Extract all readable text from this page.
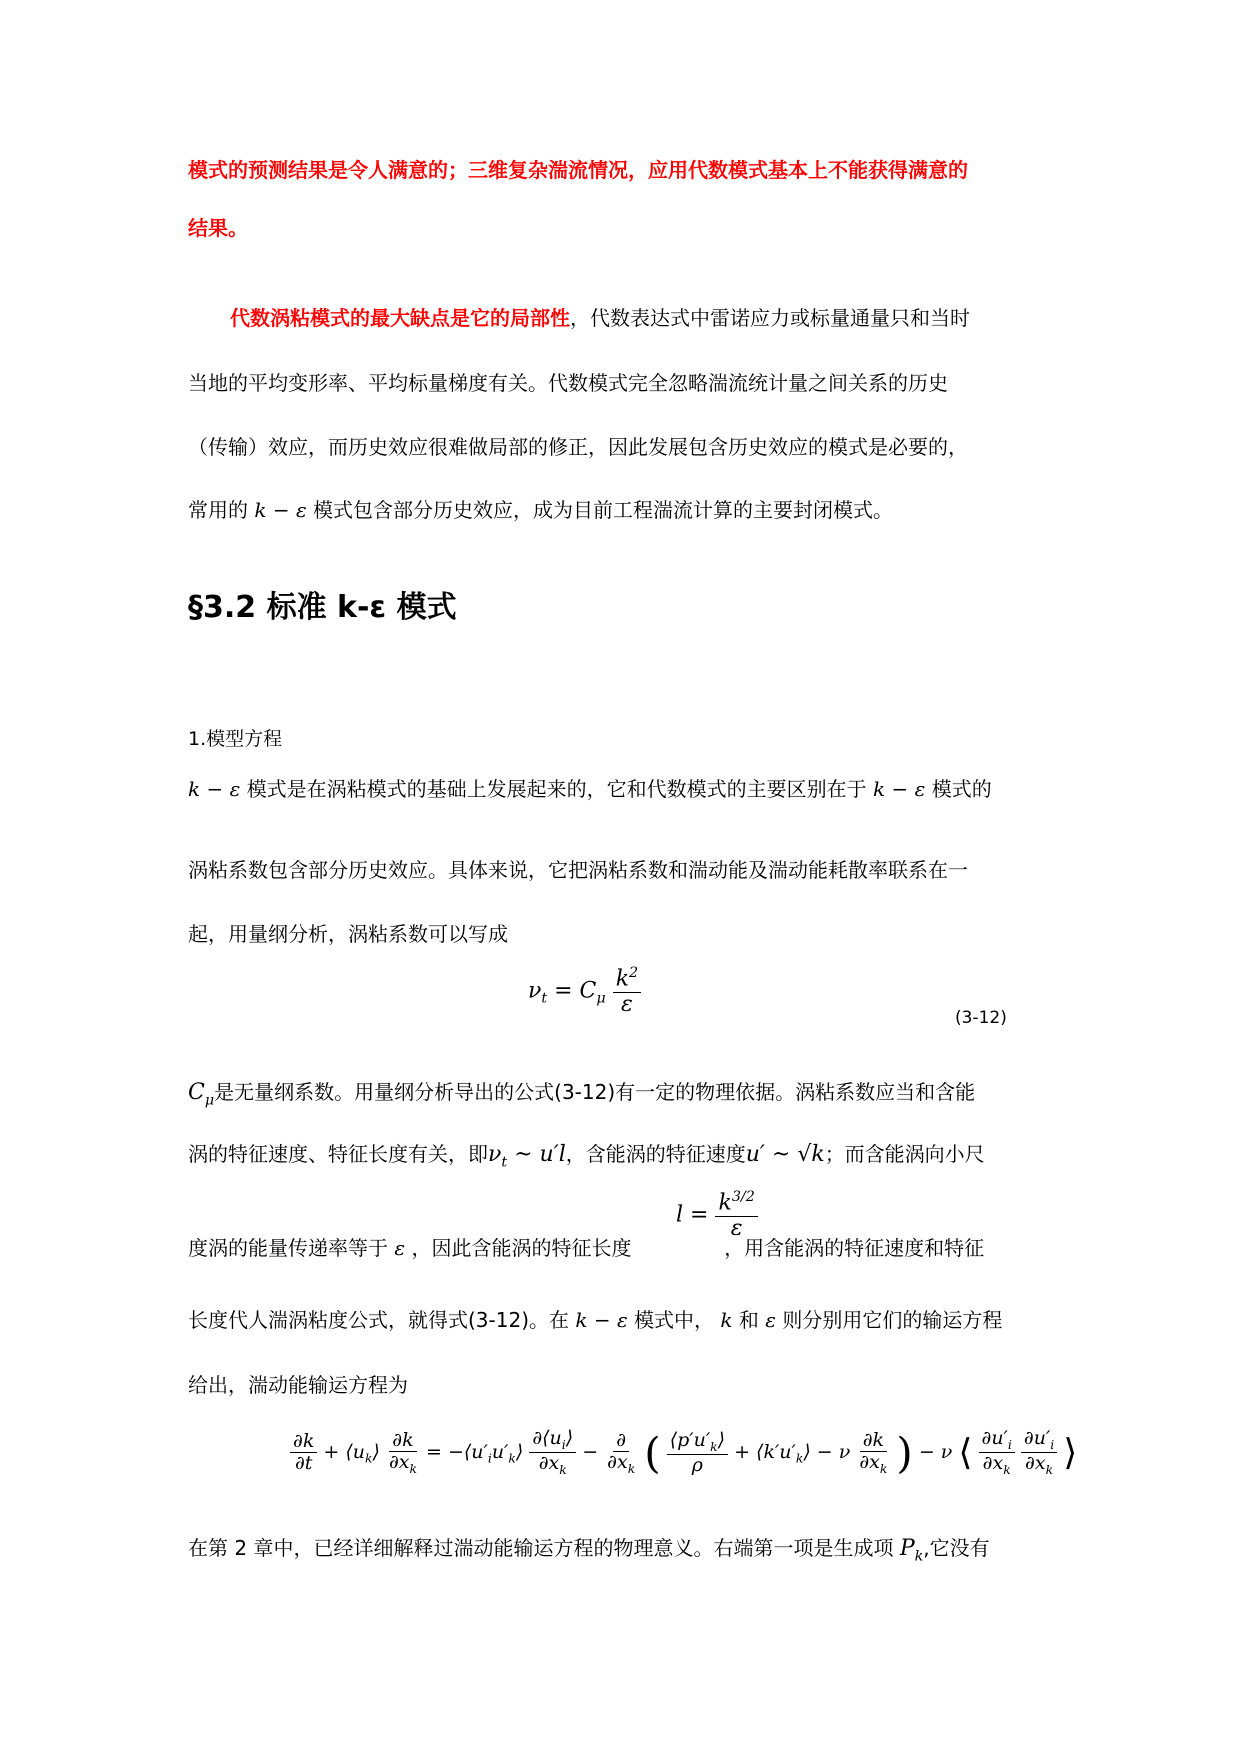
模式的预测结果是令人满意的；三维复杂湍流情况，应用代数模式基本上不能获得满意的
结果。
代数涡粘模式的最大缺点是它的局部性，代数表达式中雷诺应力或标量通量只和当时
当地的平均变形率、平均标量梯度有关。代数模式完全忽略湍流统计量之间关系的历史
（传输）效应，而历史效应很难做局部的修正，因此发展包含历史效应的模式是必要的，
常用的 k − ε 模式包含部分历史效应，成为目前工程湍流计算的主要封闭模式。
§3.2 标准 k-ε 模式
1.模型方程
k − ε 模式是在涡粘模式的基础上发展起来的，它和代数模式的主要区别在于 k − ε 模式的
涡粘系数包含部分历史效应。具体来说，它把涡粘系数和湍动能及湍动能耗散率联系在一
起，用量纲分析，涡粘系数可以写成
$\nu_t = C_\mu \frac{k^2}{\varepsilon}$
(3-12)
$C_\mu$是无量纲系数。用量纲分析导出的公式(3-12)有一定的物理依据。涡粘系数应当和含能
涡的特征速度、特征长度有关，即$\nu_t$ ~ u′l，含能涡的特征速度u′ ~ √k；而含能涡向小尺
度涡的能量传递率等于 ε ，因此含能涡的特征长度	，用含能涡的特征速度和特征
$l = \frac{k^{3/2}}{\varepsilon}$
长度代人湍涡粘度公式，就得式(3-12)。在 k − ε 模式中， k 和 ε 则分别用它们的输运方程
给出，湍动能输运方程为
$\frac{\partial k}{\partial t}$ + $⟨u_k⟩ \frac{\partial k}{\partial x_k}$ = $-⟨u'_iu'_k⟩ \frac{\partial⟨u_i⟩}{\partial x_k} - \frac{\partial}{\partial x_k}$ ( $\frac{⟨p'u'_k⟩}{\rho}$ + $⟨k'u'_k⟩ - \nu \frac{\partial k}{\partial x_k}$ ) − ν ⟨ $\frac{\partial u'_i}{\partial x_k}$
$\frac{\partial u'_i}{\partial x_k}$ ⟩
在第 2 章中，已经详细解释过湍动能输运方程的物理意义。右端第一项是生成项 $P_k$,它没有
